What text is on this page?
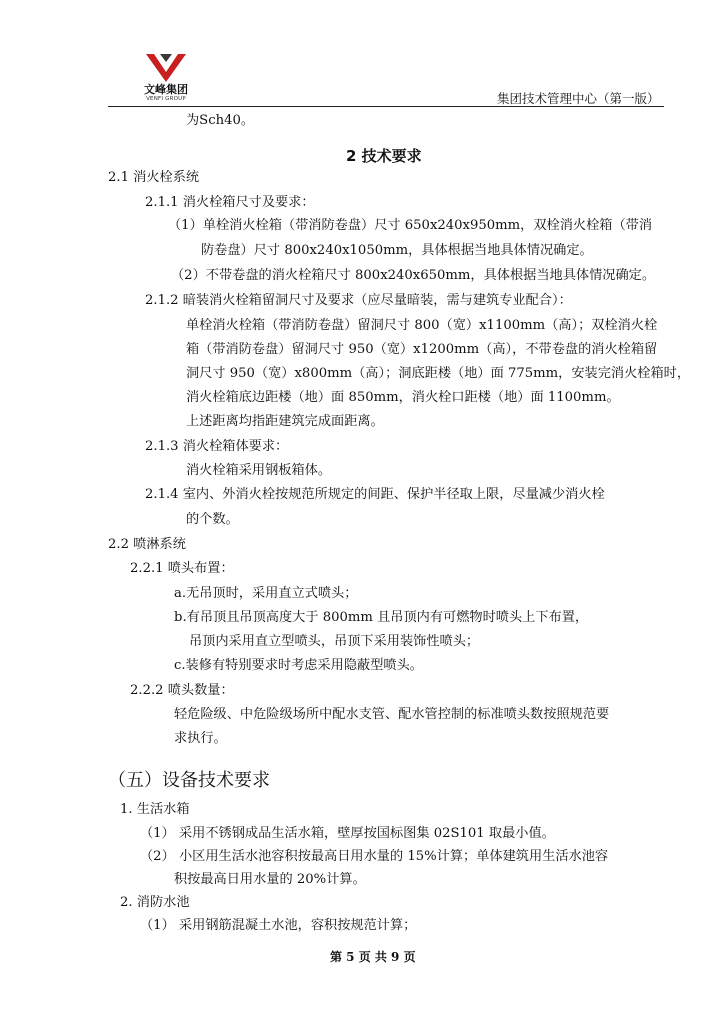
文峰集团
VENFI GROUP	集团技术管理中心（第一版）
为Sch40。
2 技术要求
2.1 消火栓系统
2.1.1 消火栓箱尺寸及要求：
（1）单栓消火栓箱（带消防卷盘）尺寸 650x240x950mm，双栓消火栓箱（带消
防卷盘）尺寸 800x240x1050mm，具体根据当地具体情况确定。
（2）不带卷盘的消火栓箱尺寸 800x240x650mm，具体根据当地具体情况确定。
2.1.2 暗装消火栓箱留洞尺寸及要求（应尽量暗装，需与建筑专业配合）：
单栓消火栓箱（带消防卷盘）留洞尺寸 800（宽）x1100mm（高）；双栓消火栓
箱（带消防卷盘）留洞尺寸 950（宽）x1200mm（高），不带卷盘的消火栓箱留
洞尺寸 950（宽）x800mm（高）；洞底距楼（地）面 775mm，安装完消火栓箱时，
消火栓箱底边距楼（地）面 850mm，消火栓口距楼（地）面 1100mm。
上述距离均指距建筑完成面距离。
2.1.3 消火栓箱体要求：
消火栓箱采用钢板箱体。
2.1.4 室内、外消火栓按规范所规定的间距、保护半径取上限，尽量减少消火栓
的个数。
2.2 喷淋系统
2.2.1 喷头布置：
a.无吊顶时，采用直立式喷头；
b.有吊顶且吊顶高度大于 800mm 且吊顶内有可燃物时喷头上下布置，
吊顶内采用直立型喷头，吊顶下采用装饰性喷头；
c.装修有特别要求时考虑采用隐蔽型喷头。
2.2.2 喷头数量：
轻危险级、中危险级场所中配水支管、配水管控制的标准喷头数按照规范要
求执行。
（五）设备技术要求
1. 生活水箱
（1） 采用不锈钢成品生活水箱，壁厚按国标图集 02S101 取最小值。
（2） 小区用生活水池容积按最高日用水量的 15%计算；单体建筑用生活水池容
积按最高日用水量的 20%计算。
2. 消防水池
（1） 采用钢筋混凝土水池，容积按规范计算；
第 5 页 共 9 页
